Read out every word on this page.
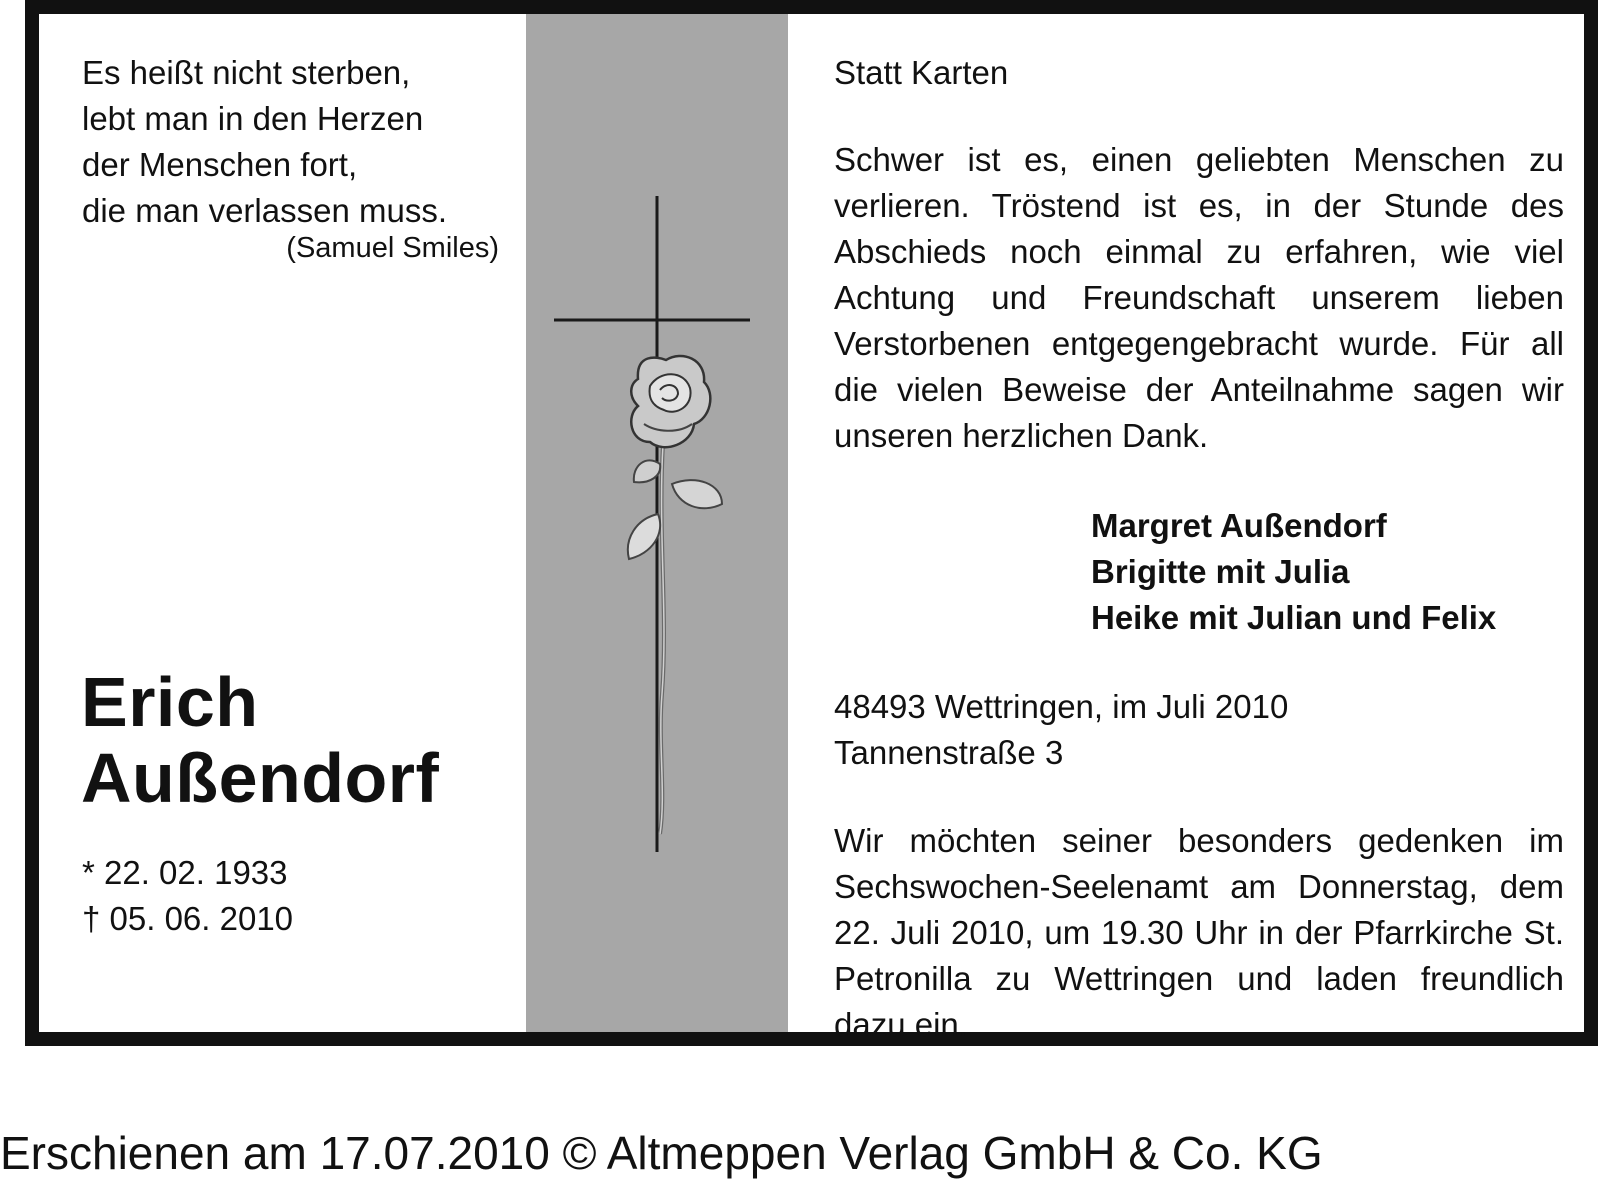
Es heißt nicht sterben,
lebt man in den Herzen
der Menschen fort,
die man verlassen muss.
(Samuel Smiles)
Erich
Außendorf
* 22. 02. 1933
† 05. 06. 2010
Statt Karten
Schwer ist es, einen geliebten Menschen zu verlieren. Tröstend ist es, in der Stunde des Abschieds noch einmal zu erfahren, wie viel Achtung und Freundschaft unserem lieben Verstorbenen entgegengebracht wurde. Für all die vielen Beweise der Anteilnahme sagen wir unseren herzlichen Dank.
Margret Außendorf
Brigitte mit Julia
Heike mit Julian und Felix
48493 Wettringen, im Juli 2010
Tannenstraße 3
Wir möchten seiner besonders gedenken im Sechswochen-Seelenamt am Donnerstag, dem 22. Juli 2010, um 19.30 Uhr in der Pfarrkirche St. Petronilla zu Wettringen und laden freundlich dazu ein.
Erschienen am 17.07.2010 © Altmeppen Verlag GmbH & Co. KG
